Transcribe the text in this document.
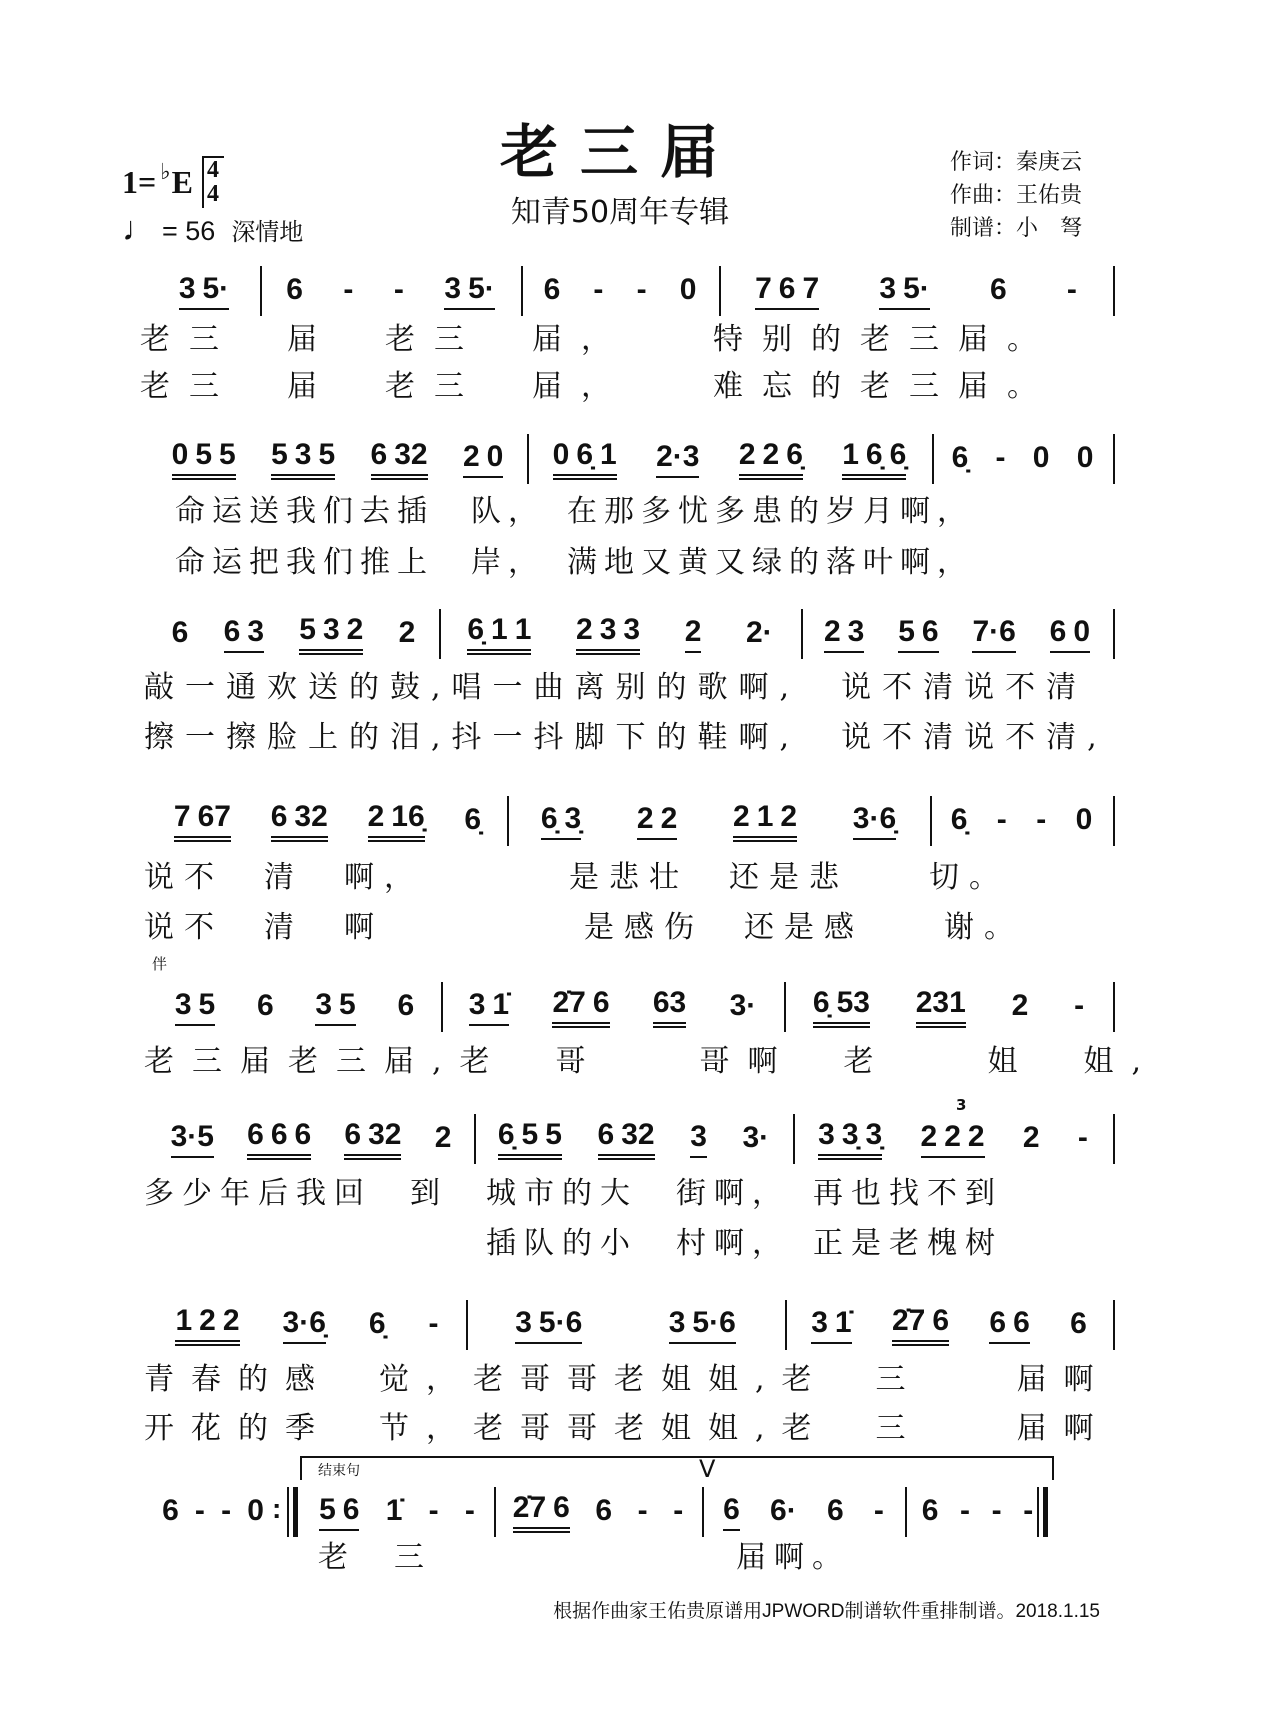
老三届
知青50周年专辑
1= ♭ E 4
4
♩ = 56 深情地
作词：秦庚云
作曲：王佑贵
制谱：小　弩
3 5· 6 - - 3 5· 6 - - 0 7 6 7 3 5· 6 -
0 5 5 5 3 5 6 32 2 0 0 6̣ 1 2·3 2 2 6̣ 1 6̣ 6̣ 6̣ - 0 0
6 6 3 5 3 2 2 6̣ 1 1 2 3 3 2 2· 2 3 5 6 7·6 6 0
7 67 6 32 2 16̣ 6̣ 6̣ 3̣ 2 2 2 1 2 3·6̣ 6̣ - - 0
3 5 6 3 5 6 3 1̇ 2̇7 6 63 3· 6̣ 53 231 2 -
3·5 6 6 6 6 32 2 6̣ 5 5 6 32 3 3· 3 3̣ 3̣ 2 2 2 2 -
1 2 2 3·6̣ 6̣ -	3 5·6	3 5·6	3 1̇ 2̇7 6 6 6 6
6 - - 0 : 5 6 1̇ - - 2̇7 6 6 - - 6 6· 6 - 6 - - -
老三　届　老三　届，　　特别的老三届。
老三　届　老三　届，　　难忘的老三届。
命运送我们去插　队，　在那多忧多患的岁月啊，
命运把我们推上　岸，　满地又黄又绿的落叶啊，
敲一通欢送的鼓,唱一曲离别的歌啊,　说不清说不清
擦一擦脸上的泪,抖一抖脚下的鞋啊,　说不清说不清,
说不　清　啊，　　　　是悲壮　还是悲　　切。
说不　清　啊　　　　　是感伤　还是感　　谢。
伴
老三届老三届,老　哥　　哥啊　老　　姐　姐,
多少年后我回　到　城市的大　街啊，　再也找不到
　　　　　　　　　插队的小　村啊，　正是老槐树
3
青春的感　觉，老哥哥老姐姐,老　三　　届啊
开花的季　节，老哥哥老姐姐,老　三　　届啊
结束句	V
老　三　　　　　　　　届啊。
根据作曲家王佑贵原谱用JPWORD制谱软件重排制谱。2018.1.15
